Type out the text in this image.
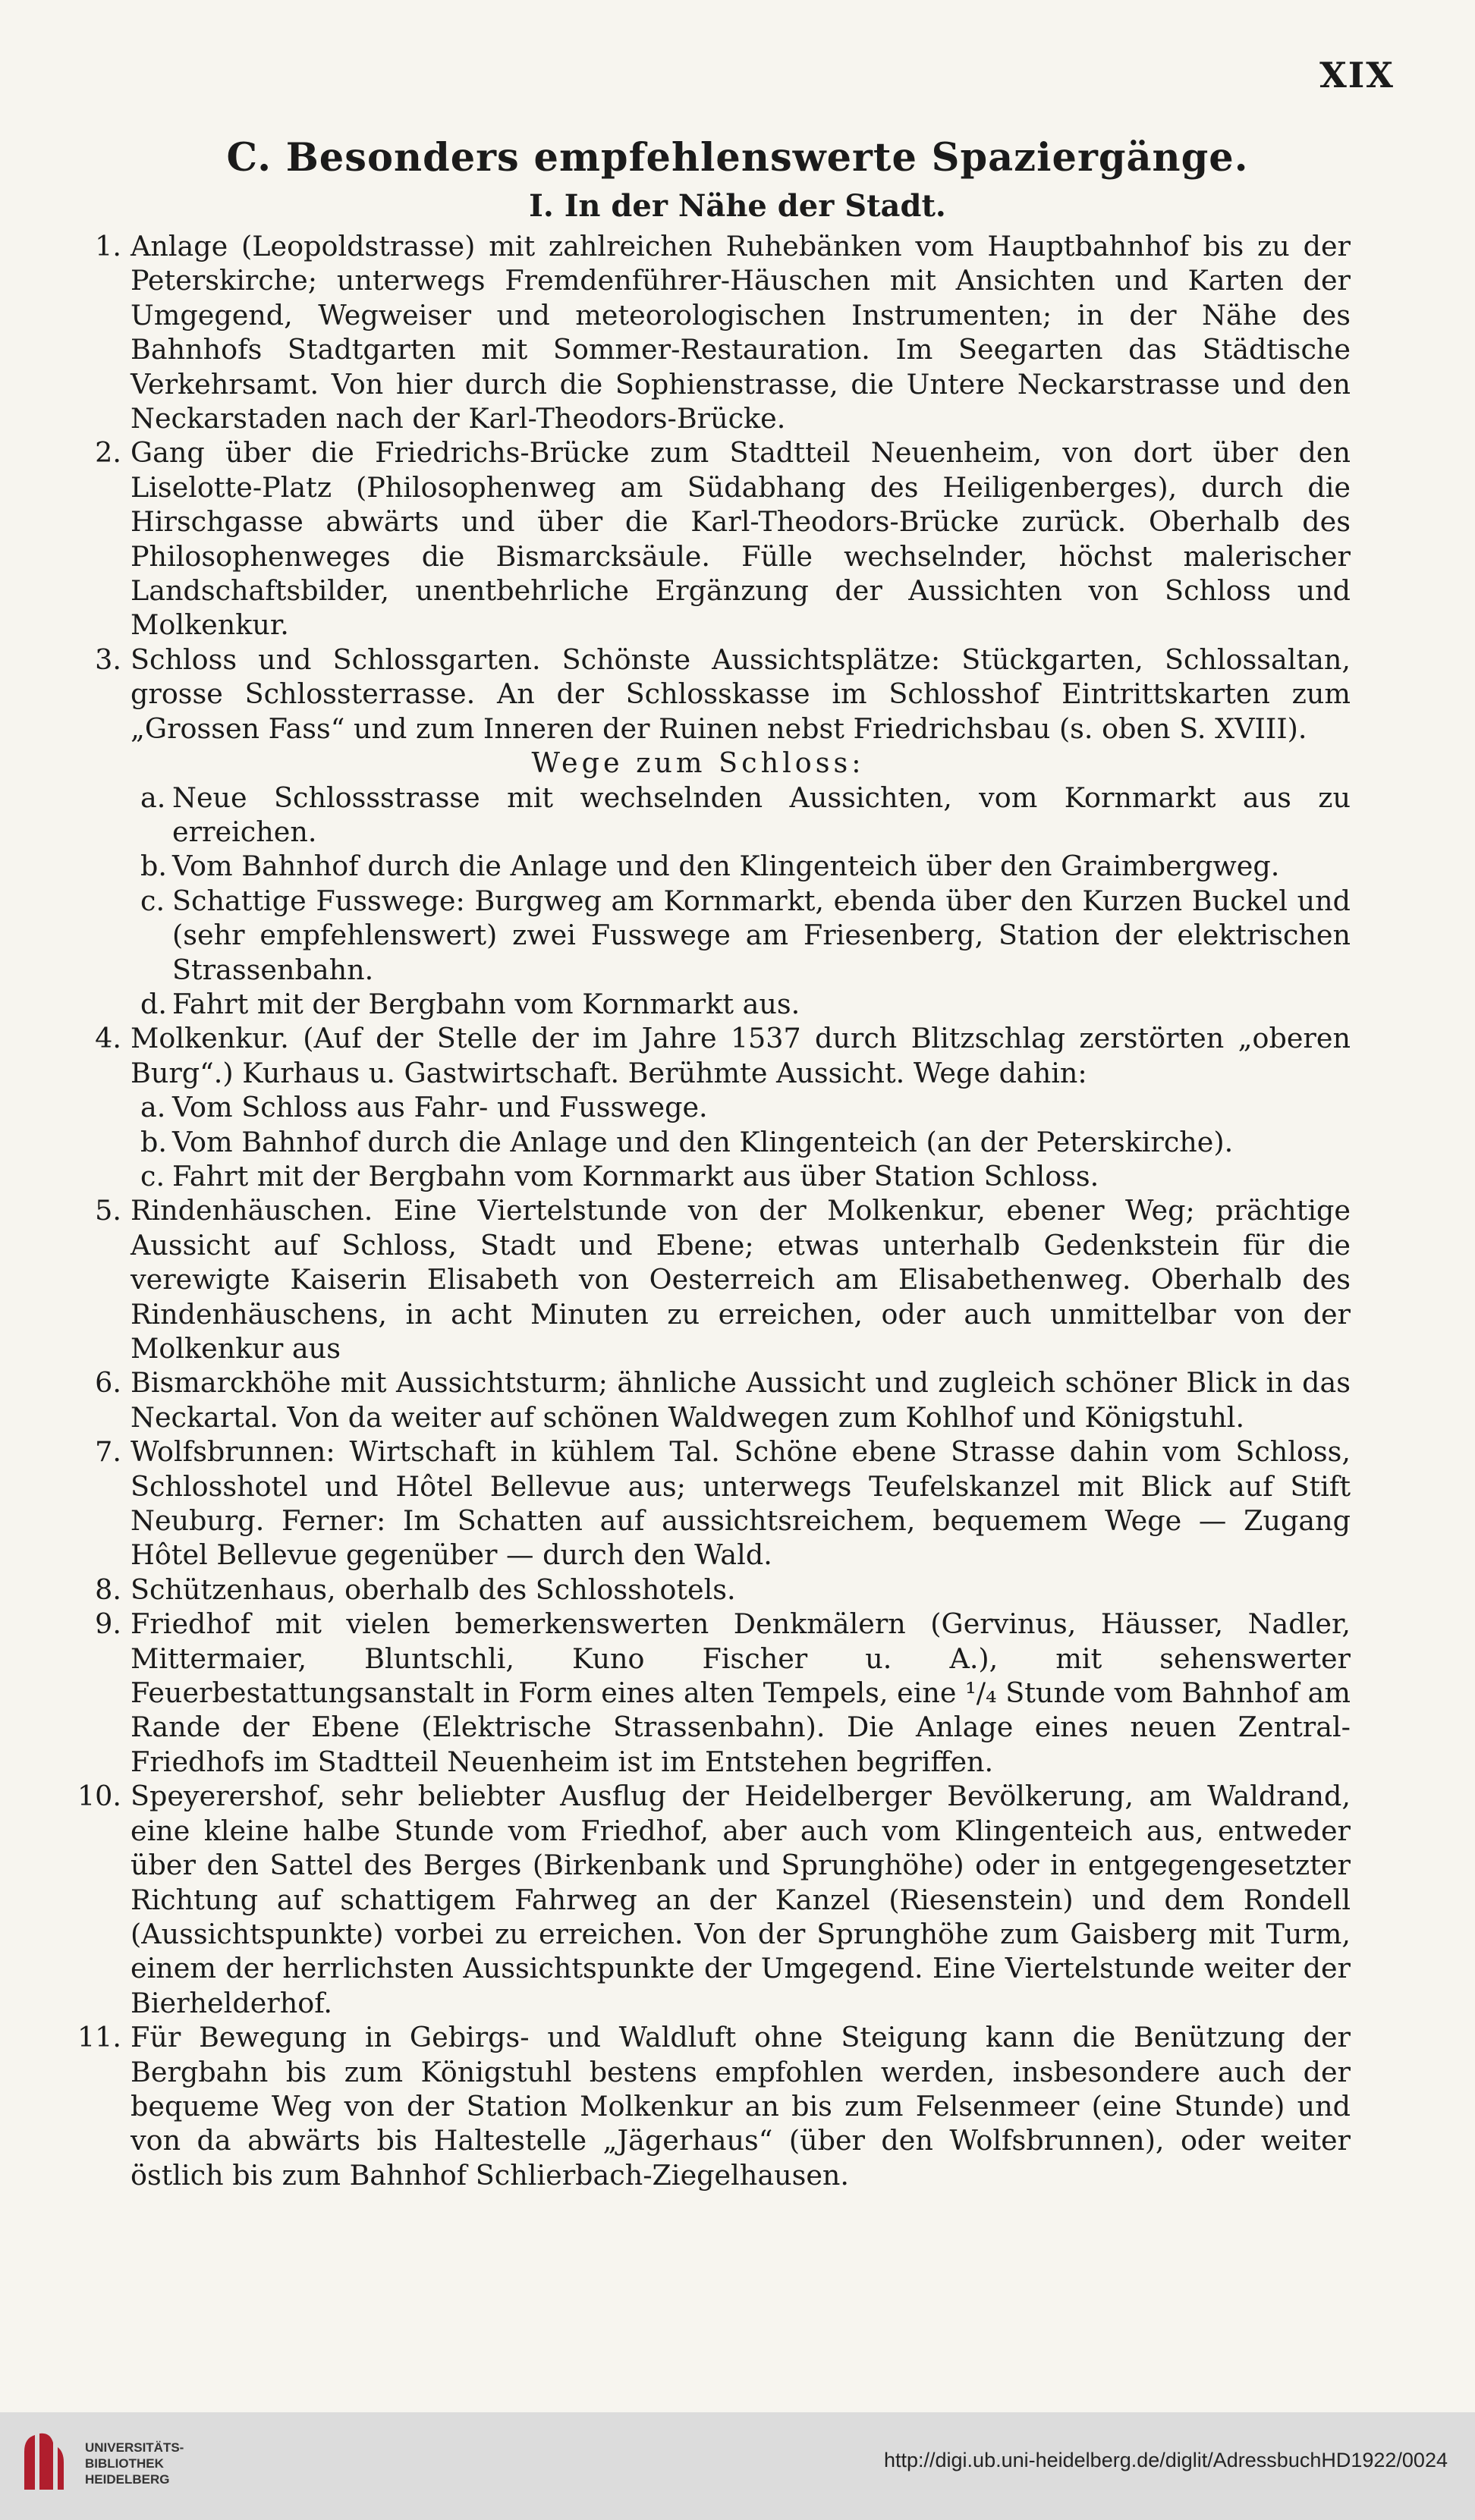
XIX
C. Besonders empfehlenswerte Spaziergänge.
I. In der Nähe der Stadt.
1. Anlage (Leopoldstrasse) mit zahlreichen Ruhebänken vom Hauptbahnhof bis zu der Peterskirche; unterwegs Fremdenführer-Häuschen mit Ansichten und Karten der Umgegend, Wegweiser und meteorologischen Instrumenten; in der Nähe des Bahnhofs Stadtgarten mit Sommer-Restauration. Im Seegarten das Städtische Verkehrsamt. Von hier durch die Sophienstrasse, die Untere Neckarstrasse und den Neckarstaden nach der Karl-Theodors-Brücke.
2. Gang über die Friedrichs-Brücke zum Stadtteil Neuenheim, von dort über den Liselotte-Platz (Philosophenweg am Südabhang des Heiligenberges), durch die Hirschgasse abwärts und über die Karl-Theodors-Brücke zurück. Oberhalb des Philosophenweges die Bismarcksäule. Fülle wechselnder, höchst malerischer Landschaftsbilder, unentbehrliche Ergänzung der Aussichten von Schloss und Molkenkur.
3. Schloss und Schlossgarten. Schönste Aussichtsplätze: Stückgarten, Schlossaltan, grosse Schlossterrasse. An der Schlosskasse im Schlosshof Eintrittskarten zum „Grossen Fass“ und zum Inneren der Ruinen nebst Friedrichsbau (s. oben S. XVIII).
Wege zum Schloss:
a. Neue Schlossstrasse mit wechselnden Aussichten, vom Kornmarkt aus zu erreichen.
b. Vom Bahnhof durch die Anlage und den Klingenteich über den Graimbergweg.
c. Schattige Fusswege: Burgweg am Kornmarkt, ebenda über den Kurzen Buckel und (sehr empfehlenswert) zwei Fusswege am Friesenberg, Station der elektrischen Strassenbahn.
d. Fahrt mit der Bergbahn vom Kornmarkt aus.
4. Molkenkur. (Auf der Stelle der im Jahre 1537 durch Blitzschlag zerstörten „oberen Burg“.) Kurhaus u. Gastwirtschaft. Berühmte Aussicht. Wege dahin:
a. Vom Schloss aus Fahr- und Fusswege.
b. Vom Bahnhof durch die Anlage und den Klingenteich (an der Peterskirche).
c. Fahrt mit der Bergbahn vom Kornmarkt aus über Station Schloss.
5. Rindenhäuschen. Eine Viertelstunde von der Molkenkur, ebener Weg; prächtige Aussicht auf Schloss, Stadt und Ebene; etwas unterhalb Gedenkstein für die verewigte Kaiserin Elisabeth von Oesterreich am Elisabethenweg. Oberhalb des Rindenhäuschens, in acht Minuten zu erreichen, oder auch unmittelbar von der Molkenkur aus
6. Bismarckhöhe mit Aussichtsturm; ähnliche Aussicht und zugleich schöner Blick in das Neckartal. Von da weiter auf schönen Waldwegen zum Kohlhof und Königstuhl.
7. Wolfsbrunnen: Wirtschaft in kühlem Tal. Schöne ebene Strasse dahin vom Schloss, Schlosshotel und Hôtel Bellevue aus; unterwegs Teufelskanzel mit Blick auf Stift Neuburg. Ferner: Im Schatten auf aussichtsreichem, bequemem Wege — Zugang Hôtel Bellevue gegenüber — durch den Wald.
8. Schützenhaus, oberhalb des Schlosshotels.
9. Friedhof mit vielen bemerkenswerten Denkmälern (Gervinus, Häusser, Nadler, Mittermaier, Bluntschli, Kuno Fischer u. A.), mit sehenswerter Feuerbestattungsanstalt in Form eines alten Tempels, eine ¹/₄ Stunde vom Bahnhof am Rande der Ebene (Elektrische Strassenbahn). Die Anlage eines neuen Zentral-Friedhofs im Stadtteil Neuenheim ist im Entstehen begriffen.
10. Speyerershof, sehr beliebter Ausflug der Heidelberger Bevölkerung, am Waldrand, eine kleine halbe Stunde vom Friedhof, aber auch vom Klingenteich aus, entweder über den Sattel des Berges (Birkenbank und Sprunghöhe) oder in entgegengesetzter Richtung auf schattigem Fahrweg an der Kanzel (Riesenstein) und dem Rondell (Aussichtspunkte) vorbei zu erreichen. Von der Sprunghöhe zum Gaisberg mit Turm, einem der herrlichsten Aussichtspunkte der Umgegend. Eine Viertelstunde weiter der Bierhelderhof.
11. Für Bewegung in Gebirgs- und Waldluft ohne Steigung kann die Benützung der Bergbahn bis zum Königstuhl bestens empfohlen werden, insbesondere auch der bequeme Weg von der Station Molkenkur an bis zum Felsenmeer (eine Stunde) und von da abwärts bis Haltestelle „Jägerhaus“ (über den Wolfsbrunnen), oder weiter östlich bis zum Bahnhof Schlierbach-Ziegelhausen.
UNIVERSITÄTS-
BIBLIOTHEK
HEIDELBERG
http://digi.ub.uni-heidelberg.de/diglit/AdressbuchHD1922/0024
